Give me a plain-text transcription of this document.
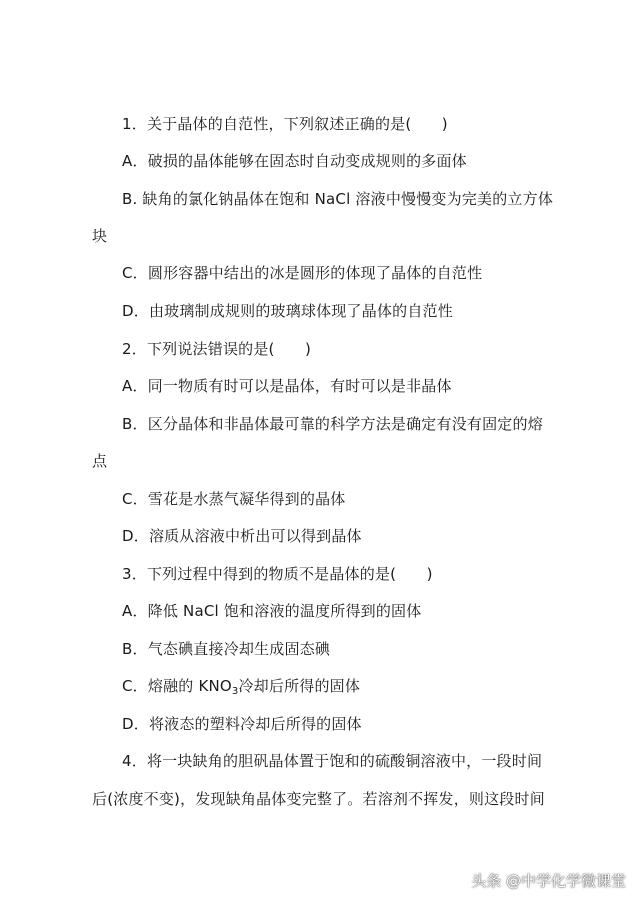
1．关于晶体的自范性，下列叙述正确的是(　　)
A．破损的晶体能够在固态时自动变成规则的多面体
B. 缺角的氯化钠晶体在饱和 NaCl 溶液中慢慢变为完美的立方体
块
C．圆形容器中结出的冰是圆形的体现了晶体的自范性
D．由玻璃制成规则的玻璃球体现了晶体的自范性
2．下列说法错误的是(　　)
A．同一物质有时可以是晶体，有时可以是非晶体
B．区分晶体和非晶体最可靠的科学方法是确定有没有固定的熔
点
C．雪花是水蒸气凝华得到的晶体
D．溶质从溶液中析出可以得到晶体
3．下列过程中得到的物质不是晶体的是(　　)
A．降低 NaCl 饱和溶液的温度所得到的固体
B．气态碘直接冷却生成固态碘
C．熔融的 $KNO_3$冷却后所得的固体
D．将液态的塑料冷却后所得的固体
4．将一块缺角的胆矾晶体置于饱和的硫酸铜溶液中，一段时间
后(浓度不变)，发现缺角晶体变完整了。若溶剂不挥发，则这段时间
头条 @中学化学微课堂
